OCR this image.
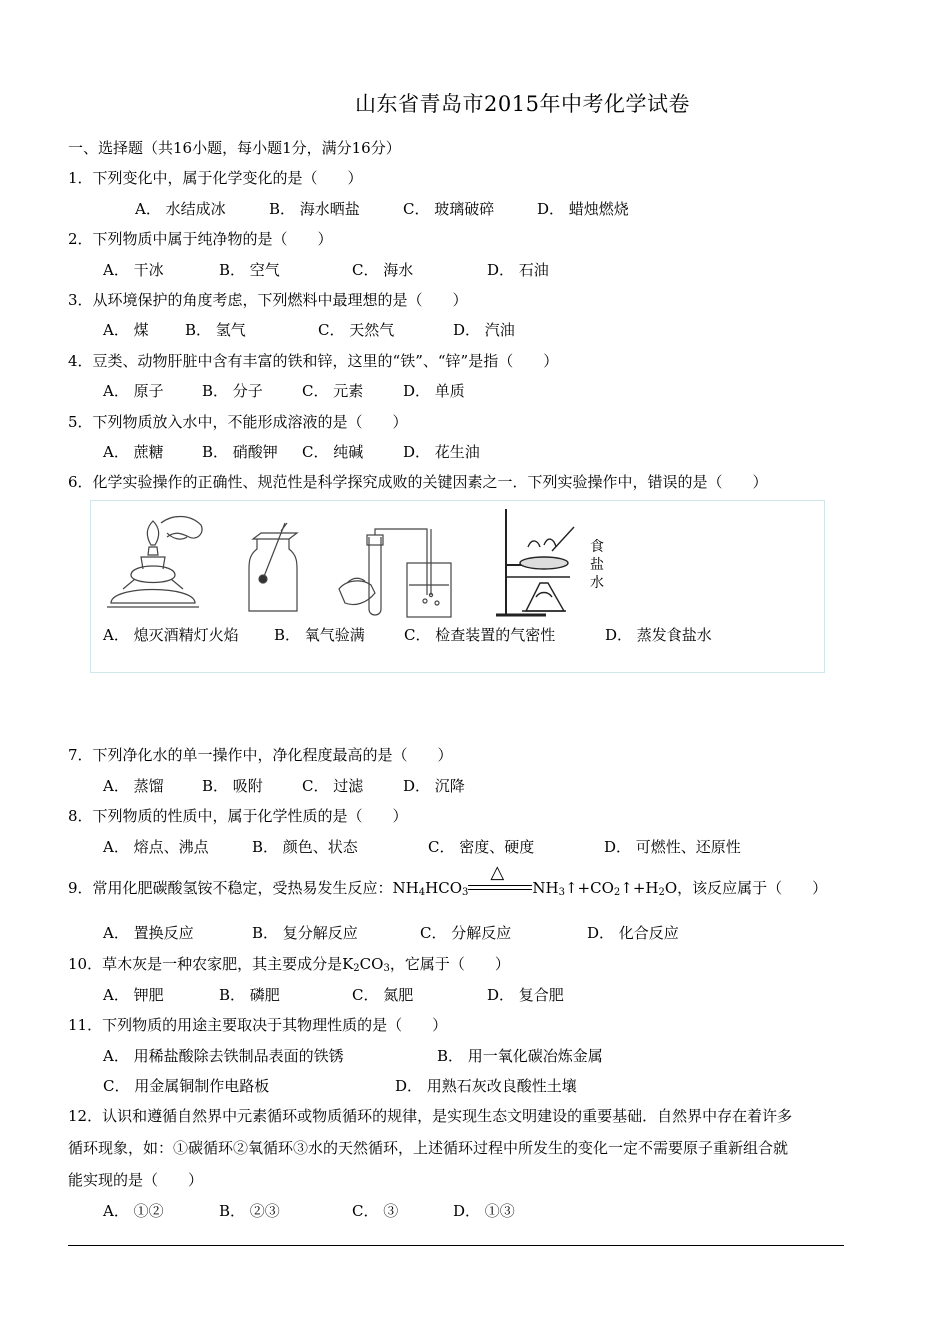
山东省青岛市2015年中考化学试卷
一、选择题（共16小题，每小题1分，满分16分）
1．下列变化中，属于化学变化的是（　　）
A． 水结成冰	B． 海水晒盐	C． 玻璃破碎	D． 蜡烛燃烧
2．下列物质中属于纯净物的是（　　）
A． 干冰	B． 空气	C． 海水	D． 石油
3．从环境保护的角度考虑，下列燃料中最理想的是（　　）
A． 煤 B． 氢气	C． 天然气	D． 汽油
4．豆类、动物肝脏中含有丰富的铁和锌，这里的“铁”、“锌”是指（　　）
A． 原子	B． 分子	C． 元素	D． 单质
5．下列物质放入水中，不能形成溶液的是（　　）
A． 蔗糖	B． 硝酸钾 C． 纯碱	D． 花生油
6．化学实验操作的正确性、规范性是科学探究成败的关键因素之一．下列实验操作中，错误的是（　　）
食
盐
水
A． 熄灭酒精灯火焰 B． 氧气验满	C． 检查装置的气密性	D． 蒸发食盐水
7．下列净化水的单一操作中，净化程度最高的是（　　）
A． 蒸馏	B． 吸附	C． 过滤	D． 沉降
8．下列物质的性质中，属于化学性质的是（　　）
A． 熔点、沸点	B． 颜色、状态	C． 密度、硬度	D． 可燃性、还原性
9．常用化肥碳酸氢铵不稳定，受热易发生反应：$NH_4HCO_3$
△
$NH_3↑+CO_2↑+H_2O$，该反应属于（　　）
A． 置换反应	B． 复分解反应	C． 分解反应	D． 化合反应
10．草木灰是一种农家肥，其主要成分是$K_2CO_3$，它属于（　　）
A． 钾肥	B． 磷肥	C． 氮肥	D． 复合肥
11．下列物质的用途主要取决于其物理性质的是（　　）
A． 用稀盐酸除去铁制品表面的铁锈	B． 用一氧化碳冶炼金属
C． 用金属铜制作电路板	D． 用熟石灰改良酸性土壤
12．认识和遵循自然界中元素循环或物质循环的规律，是实现生态文明建设的重要基础．自然界中存在着许多
循环现象，如：①碳循环②氧循环③水的天然循环，上述循环过程中所发生的变化一定不需要原子重新组合就
能实现的是（　　）
A． ①②	B． ②③	C． ③	D． ①③
